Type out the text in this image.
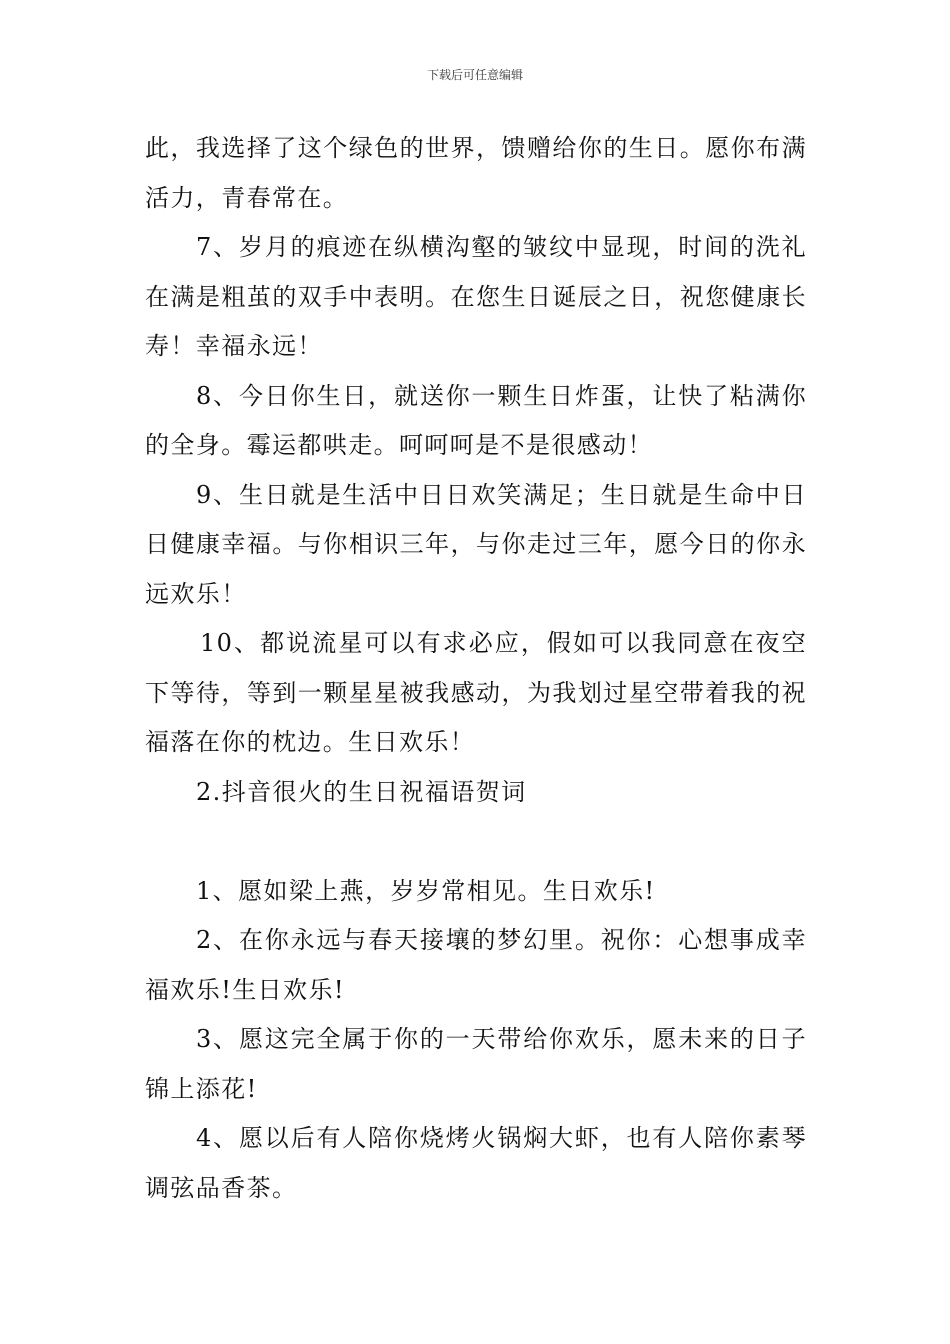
下载后可任意编辑

此，我选择了这个绿色的世界，馈赠给你的生日。愿你布满活力，青春常在。

7、岁月的痕迹在纵横沟壑的皱纹中显现，时间的洗礼在满是粗茧的双手中表明。在您生日诞辰之日，祝您健康长寿！幸福永远！

8、今日你生日，就送你一颗生日炸蛋，让快了粘满你的全身。霉运都哄走。呵呵呵是不是很感动！

9、生日就是生活中日日欢笑满足；生日就是生命中日日健康幸福。与你相识三年，与你走过三年，愿今日的你永远欢乐！

10、都说流星可以有求必应，假如可以我同意在夜空下等待，等到一颗星星被我感动，为我划过星空带着我的祝福落在你的枕边。生日欢乐！

2.抖音很火的生日祝福语贺词

1、愿如梁上燕，岁岁常相见。生日欢乐!

2、在你永远与春天接壤的梦幻里。祝你：心想事成幸福欢乐!生日欢乐!

3、愿这完全属于你的一天带给你欢乐，愿未来的日子锦上添花!

4、愿以后有人陪你烧烤火锅焖大虾，也有人陪你素琴调弦品香茶。
